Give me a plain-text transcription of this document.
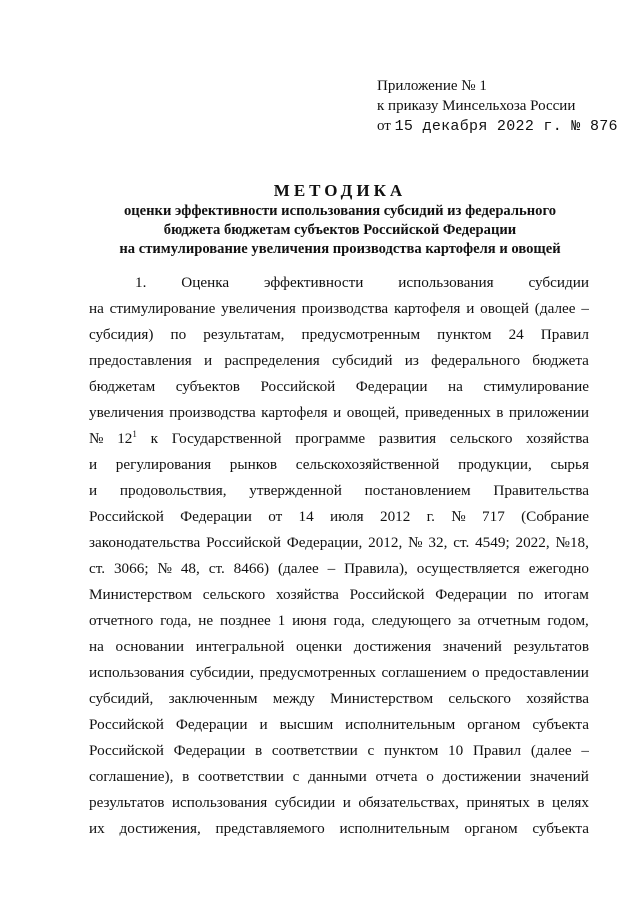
Приложение № 1
к приказу Минсельхоза России
от 15 декабря 2022 г. № 876
МЕТОДИКА
оценки эффективности использования субсидий из федерального
бюджета бюджетам субъектов Российской Федерации
на стимулирование увеличения производства картофеля и овощей
1. Оценка эффективности использования субсидии
на стимулирование увеличения производства картофеля и овощей (далее –
субсидия) по результатам, предусмотренным пунктом 24 Правил
предоставления и распределения субсидий из федерального бюджета
бюджетам субъектов Российской Федерации на стимулирование
увеличения производства картофеля и овощей, приведенных в приложении
№ $12^1$ к Государственной программе развития сельского хозяйства
и регулирования рынков сельскохозяйственной продукции, сырья
и продовольствия, утвержденной постановлением Правительства
Российской Федерации от 14 июля 2012 г. № 717 (Собрание
законодательства Российской Федерации, 2012, № 32, ст. 4549; 2022, №18,
ст. 3066; № 48, ст. 8466) (далее – Правила), осуществляется ежегодно
Министерством сельского хозяйства Российской Федерации по итогам
отчетного года, не позднее 1 июня года, следующего за отчетным годом,
на основании интегральной оценки достижения значений результатов
использования субсидии, предусмотренных соглашением о предоставлении
субсидий, заключенным между Министерством сельского хозяйства
Российской Федерации и высшим исполнительным органом субъекта
Российской Федерации в соответствии с пунктом 10 Правил (далее –
соглашение), в соответствии с данными отчета о достижении значений
результатов использования субсидии и обязательствах, принятых в целях
их достижения, представляемого исполнительным органом субъекта
